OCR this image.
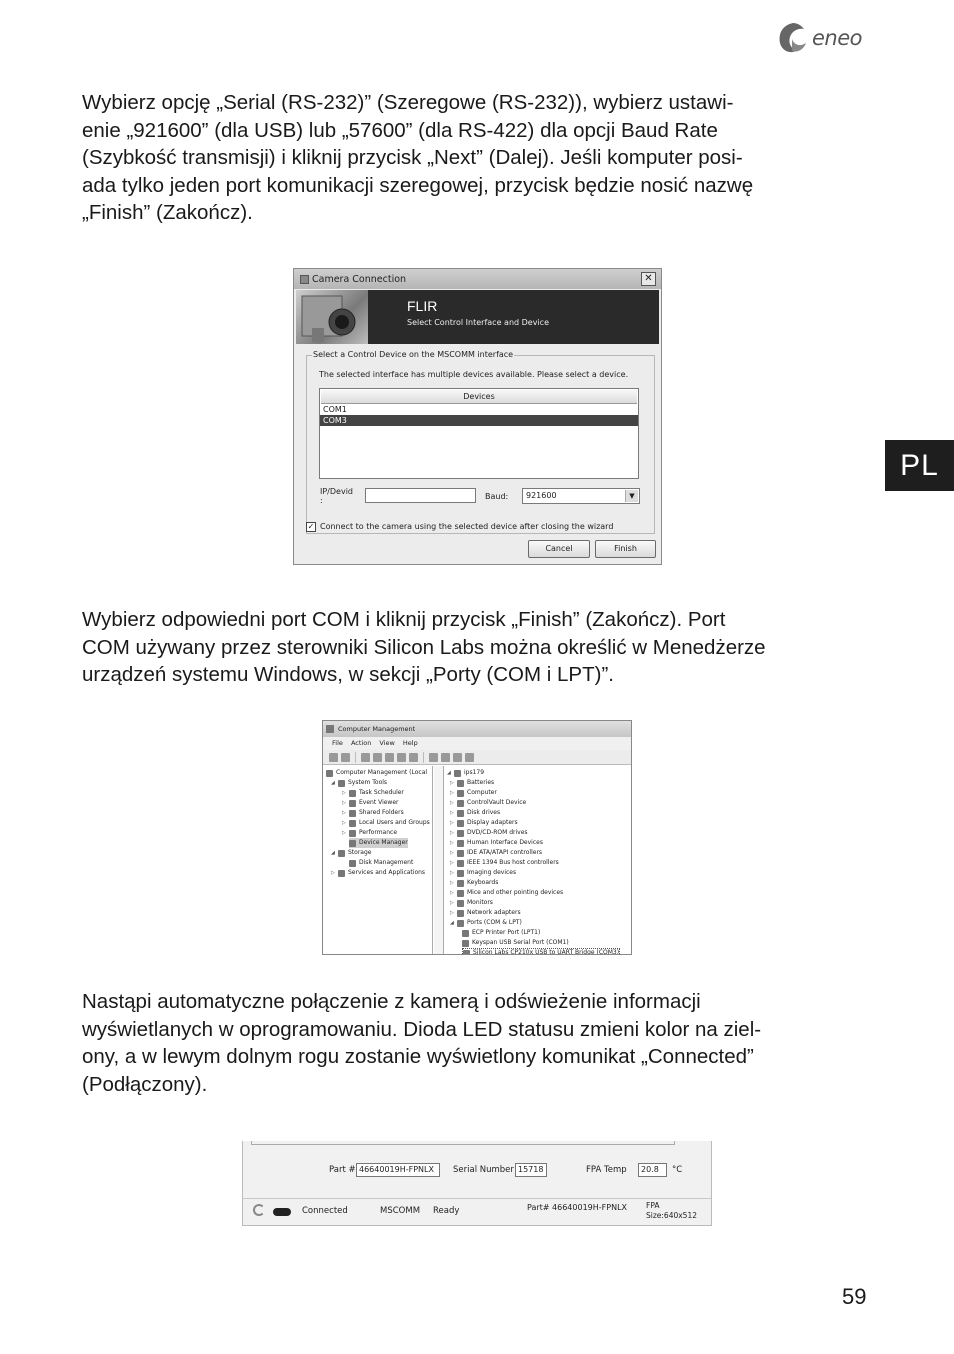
eneo
Wybierz opcję „Serial (RS-232)” (Szeregowe (RS-232)), wybierz ustawi-
enie „921600” (dla USB) lub „57600” (dla RS-422) dla opcji Baud Rate
(Szybkość transmisji) i kliknij przycisk „Next” (Dalej). Jeśli komputer posi-
ada tylko jeden port komunikacji szeregowej, przycisk będzie nosić nazwę
„Finish” (Zakończ).
Camera Connection	✕
FLIR
Select Control Interface and Device
Select a Control Device on the MSCOMM interface
The selected interface has multiple devices available. Please select a device.
Devices
COM1
COM3
IP/Devid
:	Baud:	921600	▼
✓ Connect to the camera using the selected device after closing the wizard
Cancel	Finish
Wybierz odpowiedni port COM i kliknij przycisk „Finish” (Zakończ). Port
COM używany przez sterowniki Silicon Labs można określić w Menedżerze
urządzeń systemu Windows, w sekcji „Porty (COM i LPT)”.
Computer Management
File Action View Help
Computer Management (Local
◢	System Tools
▷	Task Scheduler
▷	Event Viewer
▷	Shared Folders
▷	Local Users and Groups
▷	Performance
Device Manager
◢	Storage
Disk Management
▷	Services and Applications
◢	ips179
▷	Batteries
▷	Computer
▷	ControlVault Device
▷	Disk drives
▷	Display adapters
▷	DVD/CD-ROM drives
▷	Human Interface Devices
▷	IDE ATA/ATAPI controllers
▷	IEEE 1394 Bus host controllers
▷	Imaging devices
▷	Keyboards
▷	Mice and other pointing devices
▷	Monitors
▷	Network adapters
◢	Ports (COM & LPT)
ECP Printer Port (LPT1)
Keyspan USB Serial Port (COM1)
Silicon Labs CP210x USB to UART Bridge (COM3)
Nastąpi automatyczne połączenie z kamerą i odświeżenie informacji
wyświetlanych w oprogramowaniu. Dioda LED statusu zmieni kolor na ziel-
ony, a w lewym dolnym rogu zostanie wyświetlony komunikat „Connected”
(Podłączony).
Part # 46640019H-FPNLX	Serial Number 15718	FPA Temp	20.8	°C
Connected	MSCOMM Ready	Part# 46640019H-FPNLX	FPA
Size:640x512
PL
59
